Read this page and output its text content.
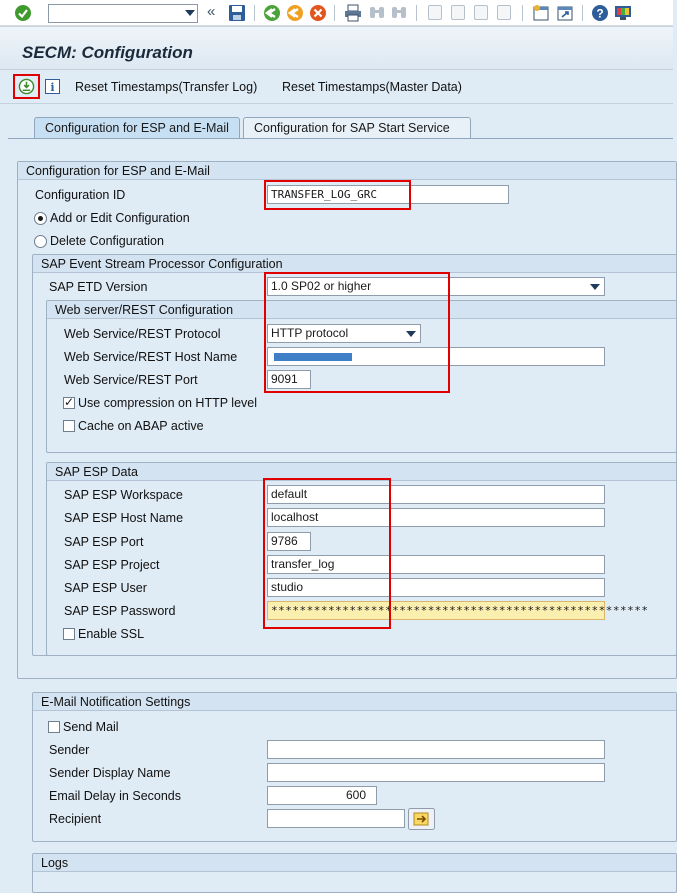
«	?
SECM: Configuration
i Reset Timestamps(Transfer Log) Reset Timestamps(Master Data)
Configuration for ESP and E-Mail	Configuration for SAP Start Service
Configuration for ESP and E-Mail
Configuration ID	TRANSFER_LOG_GRC
Add or Edit Configuration
Delete Configuration
SAP Event Stream Processor Configuration
SAP ETD Version	1.0 SP02 or higher
Web server/REST Configuration
Web Service/REST Protocol	HTTP protocol
Web Service/REST Host Name
Web Service/REST Port	9091
✓
Use compression on HTTP level
Cache on ABAP active
SAP ESP Data
SAP ESP Workspace	default
SAP ESP Host Name	localhost
SAP ESP Port	9786
SAP ESP Project	transfer_log
SAP ESP User	studio
SAP ESP Password	*****************************************************
Enable SSL
E-Mail Notification Settings
Send Mail
Sender
Sender Display Name
Email Delay in Seconds	600
Recipient
Logs
